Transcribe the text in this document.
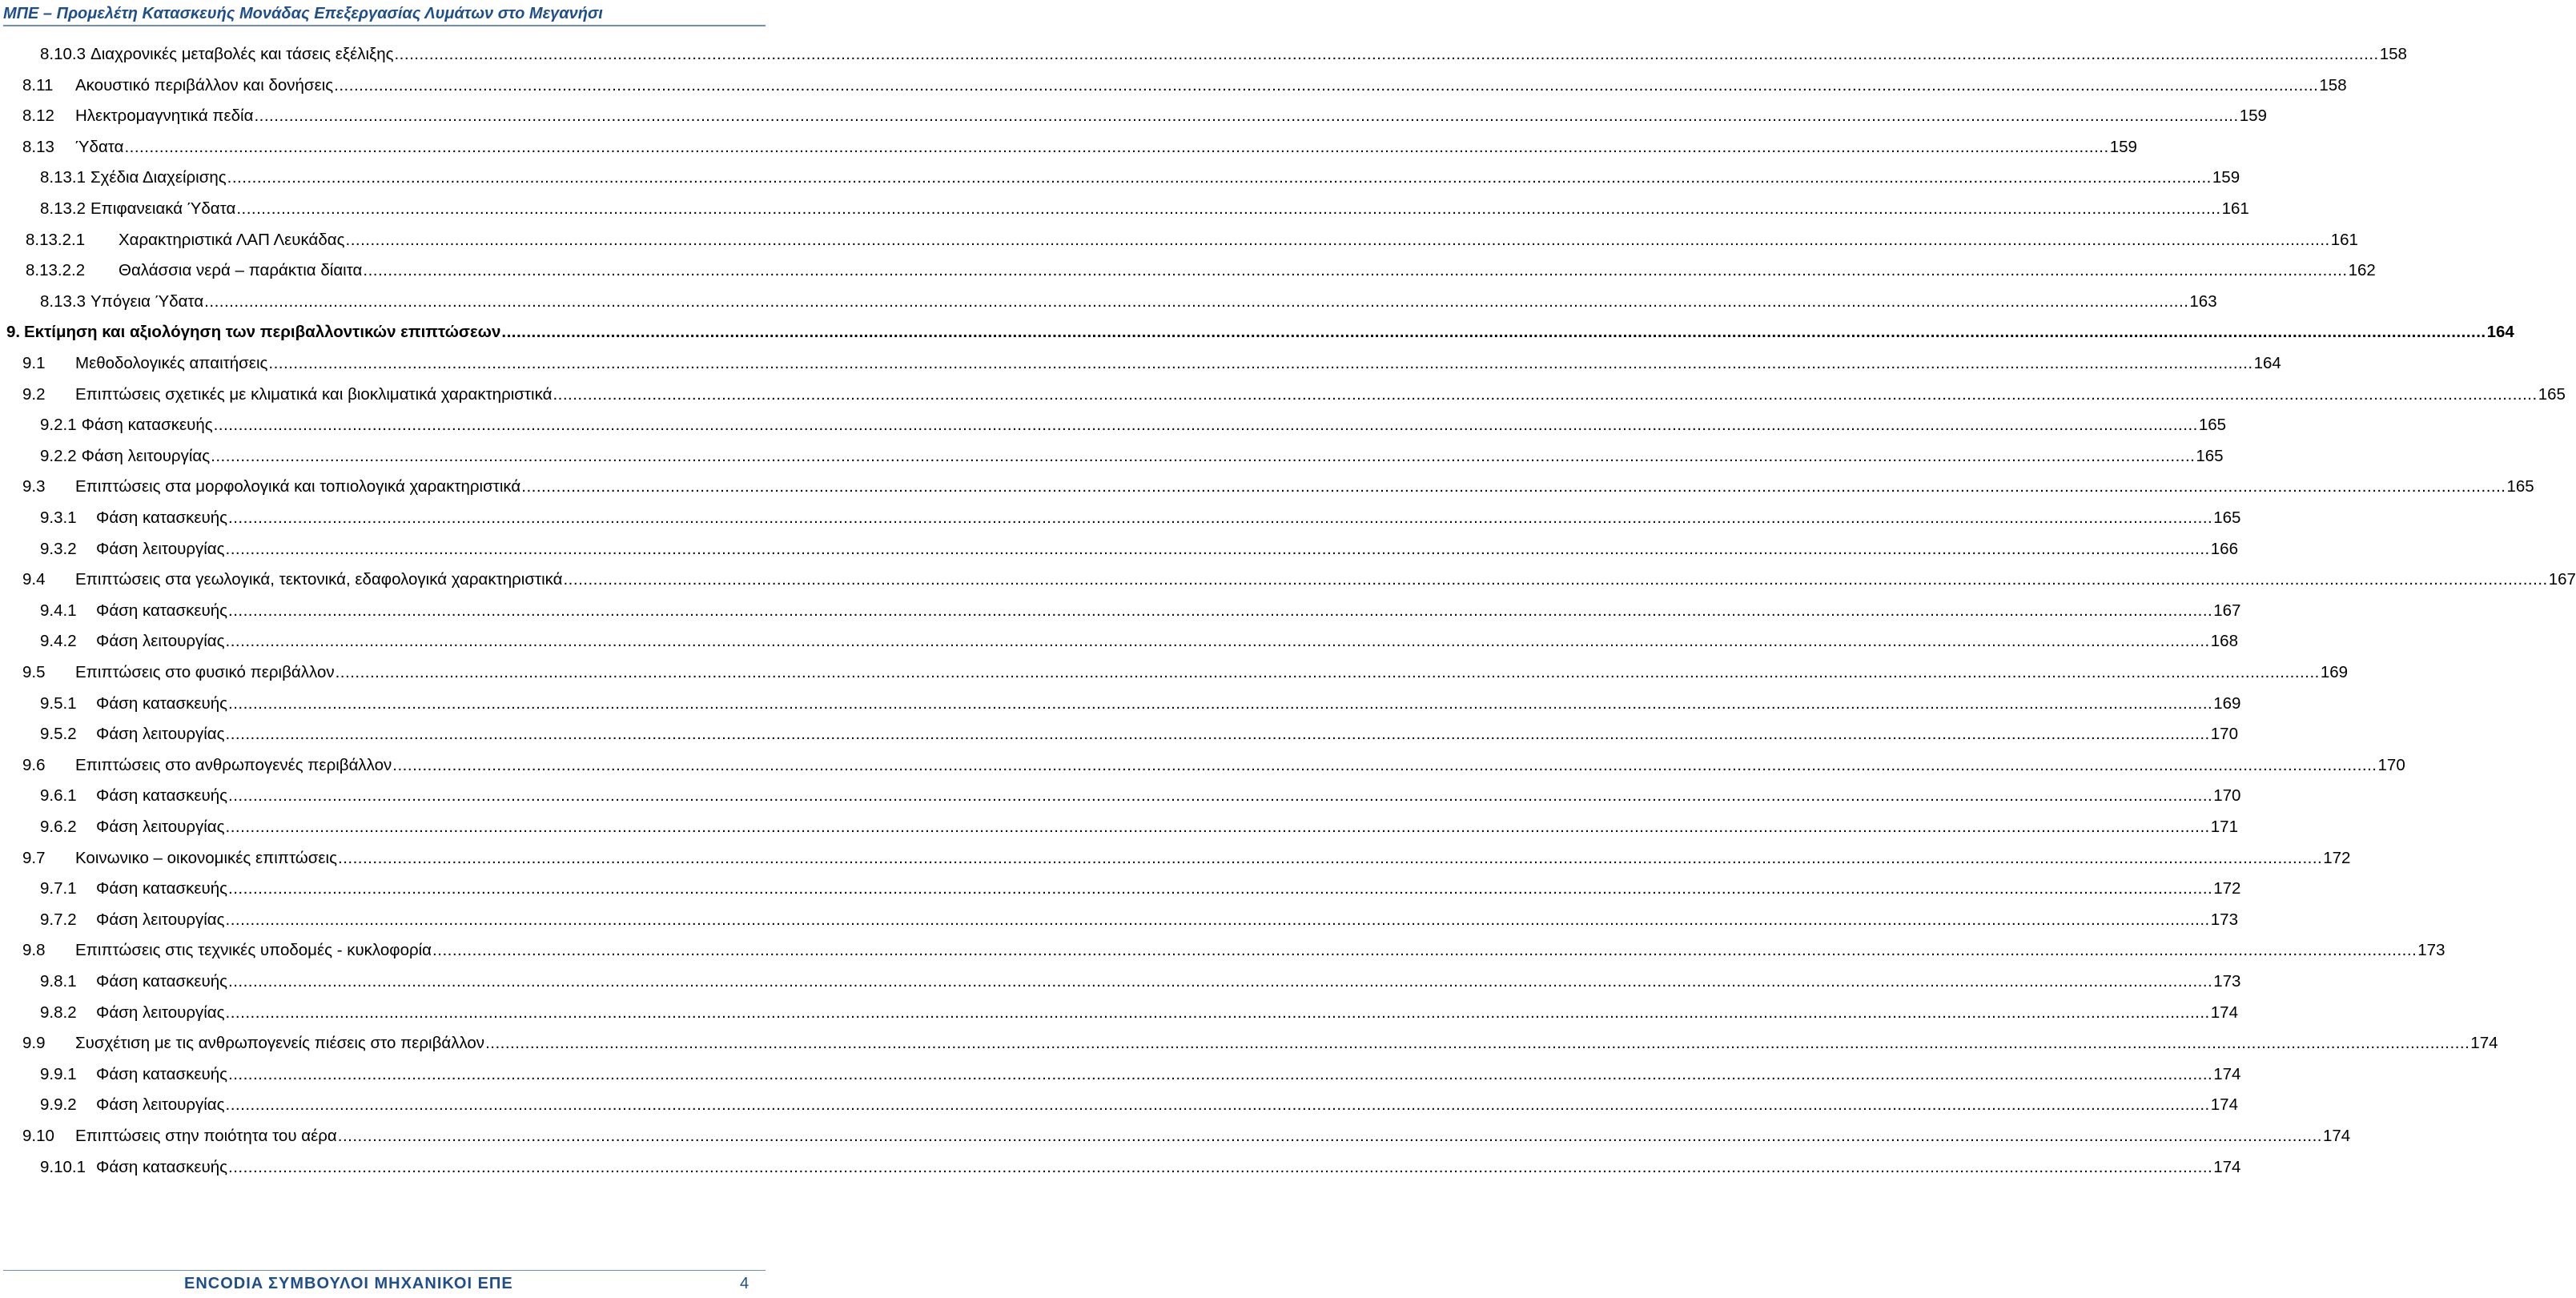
ΜΠΕ – Προμελέτη Κατασκευής Μονάδας Επεξεργασίας Λυμάτων στο Μεγανήσι
8.10.3 Διαχρονικές μεταβολές και τάσεις εξέλιξης ................................................................................................................................................................................................................................................................................................................................................................................................................ 158
8.11	Ακουστικό περιβάλλον και δονήσεις ................................................................................................................................................................................................................................................................................................................................................................................................................ 158
8.12	Ηλεκτρομαγνητικά πεδία ................................................................................................................................................................................................................................................................................................................................................................................................................ 159
8.13	Ύδατα ................................................................................................................................................................................................................................................................................................................................................................................................................ 159
8.13.1 Σχέδια Διαχείρισης ................................................................................................................................................................................................................................................................................................................................................................................................................ 159
8.13.2 Επιφανειακά Ύδατα ................................................................................................................................................................................................................................................................................................................................................................................................................ 161
8.13.2.1	Χαρακτηριστικά ΛΑΠ Λευκάδας ................................................................................................................................................................................................................................................................................................................................................................................................................ 161
8.13.2.2	Θαλάσσια νερά – παράκτια δίαιτα ................................................................................................................................................................................................................................................................................................................................................................................................................ 162
8.13.3 Υπόγεια Ύδατα ................................................................................................................................................................................................................................................................................................................................................................................................................ 163
9. Εκτίμηση και αξιολόγηση των περιβαλλοντικών επιπτώσεων ................................................................................................................................................................................................................................................................................................................................................................................................................ 164
9.1	Μεθοδολογικές απαιτήσεις ................................................................................................................................................................................................................................................................................................................................................................................................................ 164
9.2	Επιπτώσεις σχετικές με κλιματικά και βιοκλιματικά χαρακτηριστικά ................................................................................................................................................................................................................................................................................................................................................................................................................ 165
9.2.1 Φάση κατασκευής ................................................................................................................................................................................................................................................................................................................................................................................................................ 165
9.2.2 Φάση λειτουργίας ................................................................................................................................................................................................................................................................................................................................................................................................................ 165
9.3	Επιπτώσεις στα μορφολογικά και τοπιολογικά χαρακτηριστικά ................................................................................................................................................................................................................................................................................................................................................................................................................ 165
9.3.1	Φάση κατασκευής ................................................................................................................................................................................................................................................................................................................................................................................................................ 165
9.3.2	Φάση λειτουργίας ................................................................................................................................................................................................................................................................................................................................................................................................................ 166
9.4	Επιπτώσεις στα γεωλογικά, τεκτονικά, εδαφολογικά χαρακτηριστικά ................................................................................................................................................................................................................................................................................................................................................................................................................ 167
9.4.1	Φάση κατασκευής ................................................................................................................................................................................................................................................................................................................................................................................................................ 167
9.4.2	Φάση λειτουργίας ................................................................................................................................................................................................................................................................................................................................................................................................................ 168
9.5	Επιπτώσεις στο φυσικό περιβάλλον ................................................................................................................................................................................................................................................................................................................................................................................................................ 169
9.5.1	Φάση κατασκευής ................................................................................................................................................................................................................................................................................................................................................................................................................ 169
9.5.2	Φάση λειτουργίας ................................................................................................................................................................................................................................................................................................................................................................................................................ 170
9.6	Επιπτώσεις στο ανθρωπογενές περιβάλλον ................................................................................................................................................................................................................................................................................................................................................................................................................ 170
9.6.1	Φάση κατασκευής ................................................................................................................................................................................................................................................................................................................................................................................................................ 170
9.6.2	Φάση λειτουργίας ................................................................................................................................................................................................................................................................................................................................................................................................................ 171
9.7	Κοινωνικο – οικονομικές επιπτώσεις ................................................................................................................................................................................................................................................................................................................................................................................................................ 172
9.7.1	Φάση κατασκευής ................................................................................................................................................................................................................................................................................................................................................................................................................ 172
9.7.2	Φάση λειτουργίας ................................................................................................................................................................................................................................................................................................................................................................................................................ 173
9.8	Επιπτώσεις στις τεχνικές υποδομές - κυκλοφορία ................................................................................................................................................................................................................................................................................................................................................................................................................ 173
9.8.1	Φάση κατασκευής ................................................................................................................................................................................................................................................................................................................................................................................................................ 173
9.8.2	Φάση λειτουργίας ................................................................................................................................................................................................................................................................................................................................................................................................................ 174
9.9	Συσχέτιση με τις ανθρωπογενείς πιέσεις στο περιβάλλον ................................................................................................................................................................................................................................................................................................................................................................................................................ 174
9.9.1	Φάση κατασκευής ................................................................................................................................................................................................................................................................................................................................................................................................................ 174
9.9.2	Φάση λειτουργίας ................................................................................................................................................................................................................................................................................................................................................................................................................ 174
9.10	Επιπτώσεις στην ποιότητα του αέρα ................................................................................................................................................................................................................................................................................................................................................................................................................ 174
9.10.1 Φάση κατασκευής ................................................................................................................................................................................................................................................................................................................................................................................................................ 174
ENCODIA ΣΥΜΒΟΥΛΟΙ ΜΗΧΑΝΙΚΟΙ ΕΠΕ	4
